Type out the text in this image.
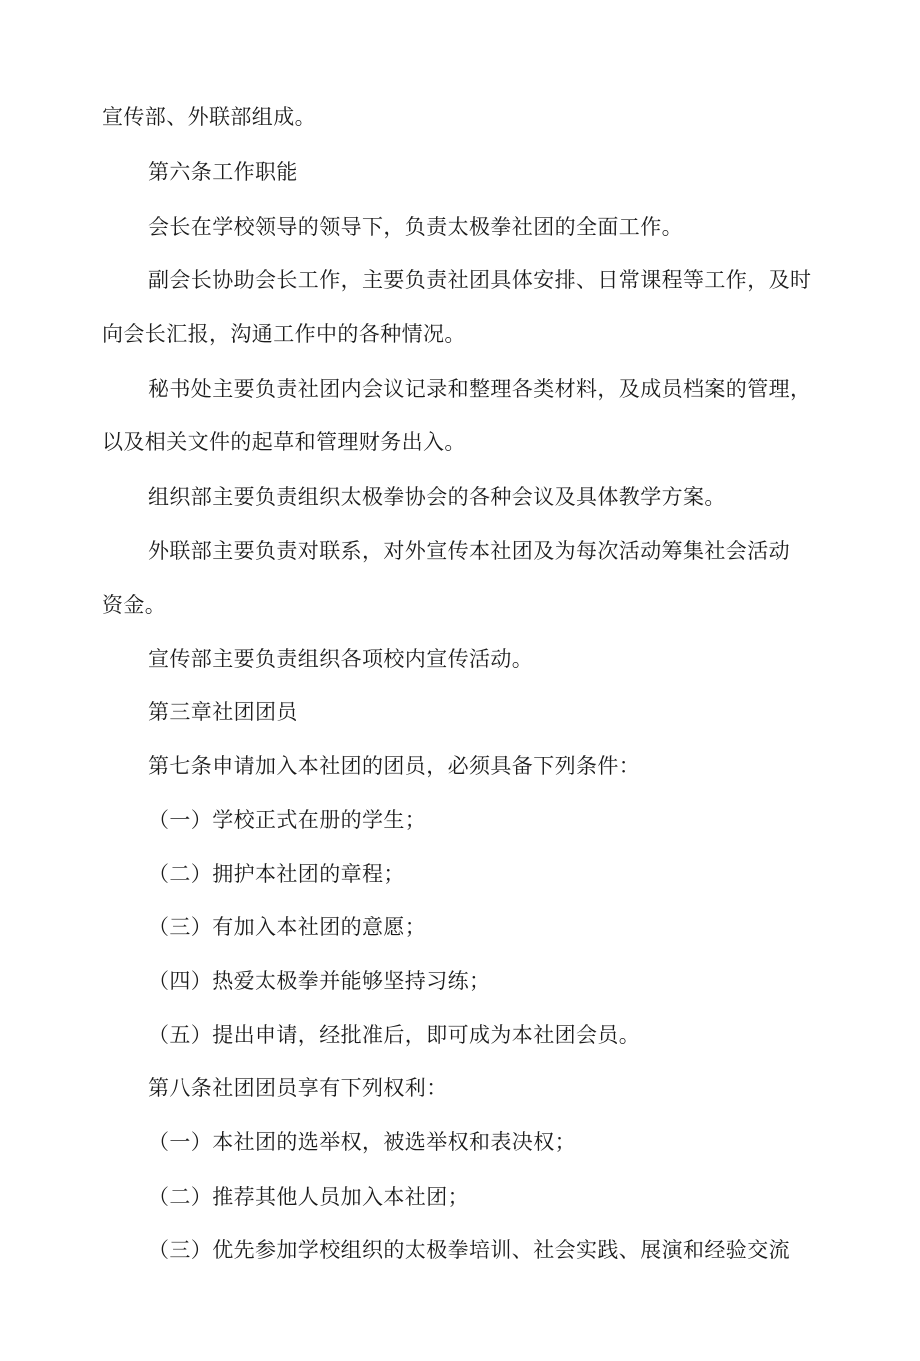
宣传部、外联部组成。
第六条工作职能
会长在学校领导的领导下，负责太极拳社团的全面工作。
副会长协助会长工作，主要负责社团具体安排、日常课程等工作，及时
向会长汇报，沟通工作中的各种情况。
秘书处主要负责社团内会议记录和整理各类材料，及成员档案的管理，
以及相关文件的起草和管理财务出入。
组织部主要负责组织太极拳协会的各种会议及具体教学方案。
外联部主要负责对联系，对外宣传本社团及为每次活动筹集社会活动
资金。
宣传部主要负责组织各项校内宣传活动。
第三章社团团员
第七条申请加入本社团的团员，必须具备下列条件：
（一）学校正式在册的学生；
（二）拥护本社团的章程；
（三）有加入本社团的意愿；
（四）热爱太极拳并能够坚持习练；
（五）提出申请，经批准后，即可成为本社团会员。
第八条社团团员享有下列权利：
（一）本社团的选举权，被选举权和表决权；
（二）推荐其他人员加入本社团；
（三）优先参加学校组织的太极拳培训、社会实践、展演和经验交流
